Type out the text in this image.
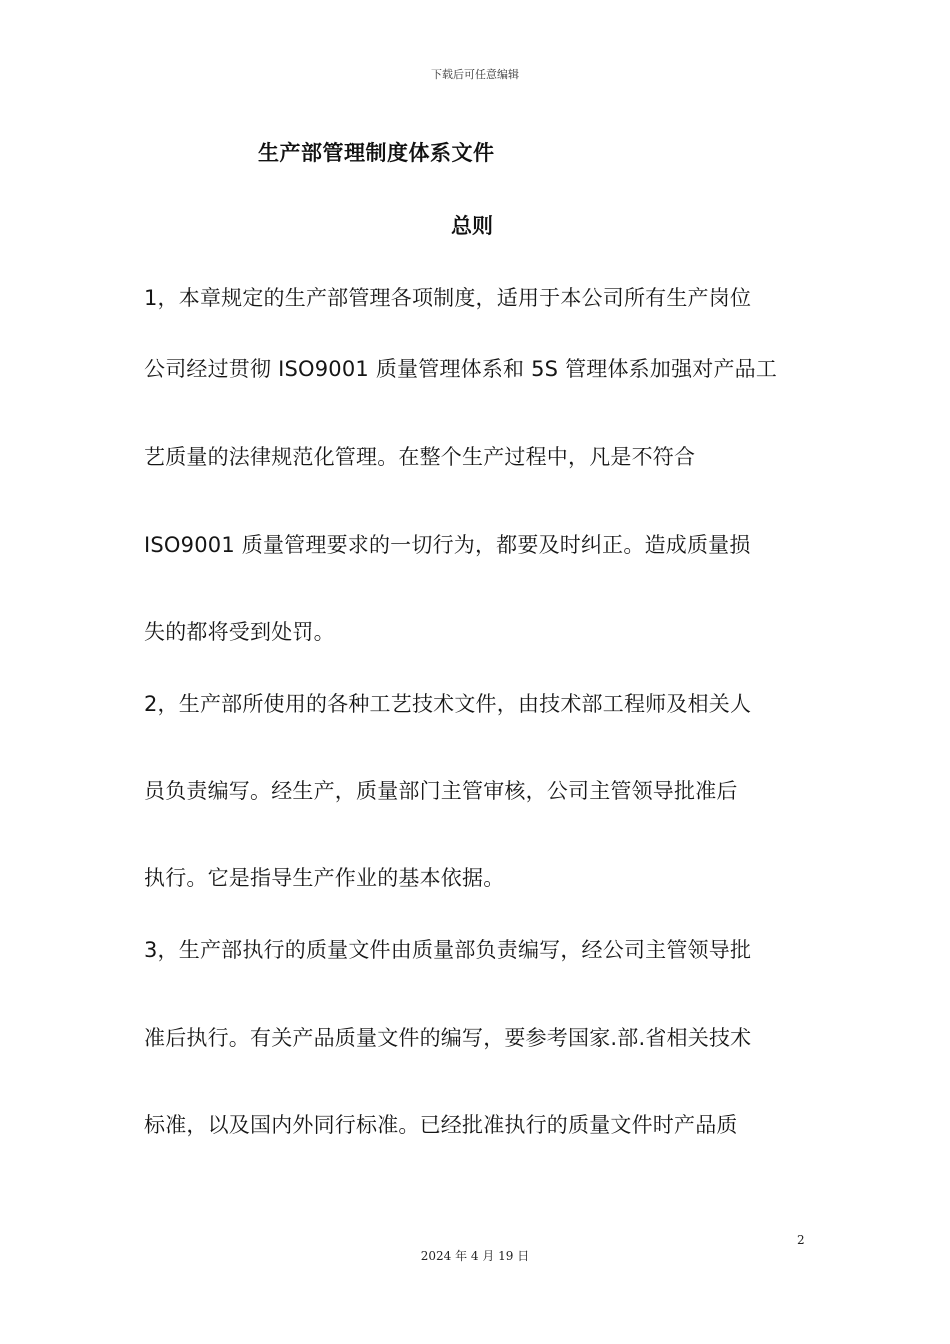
下载后可任意编辑
生产部管理制度体系文件
总则
1，本章规定的生产部管理各项制度，适用于本公司所有生产岗位
公司经过贯彻 ISO9001 质量管理体系和 5S 管理体系加强对产品工
艺质量的法律规范化管理。在整个生产过程中，凡是不符合
ISO9001 质量管理要求的一切行为，都要及时纠正。造成质量损
失的都将受到处罚。
2，生产部所使用的各种工艺技术文件，由技术部工程师及相关人
员负责编写。经生产，质量部门主管审核，公司主管领导批准后
执行。它是指导生产作业的基本依据。
3，生产部执行的质量文件由质量部负责编写，经公司主管领导批
准后执行。有关产品质量文件的编写，要参考国家.部.省相关技术
标准，以及国内外同行标准。已经批准执行的质量文件时产品质
2
2024 年 4 月 19 日
